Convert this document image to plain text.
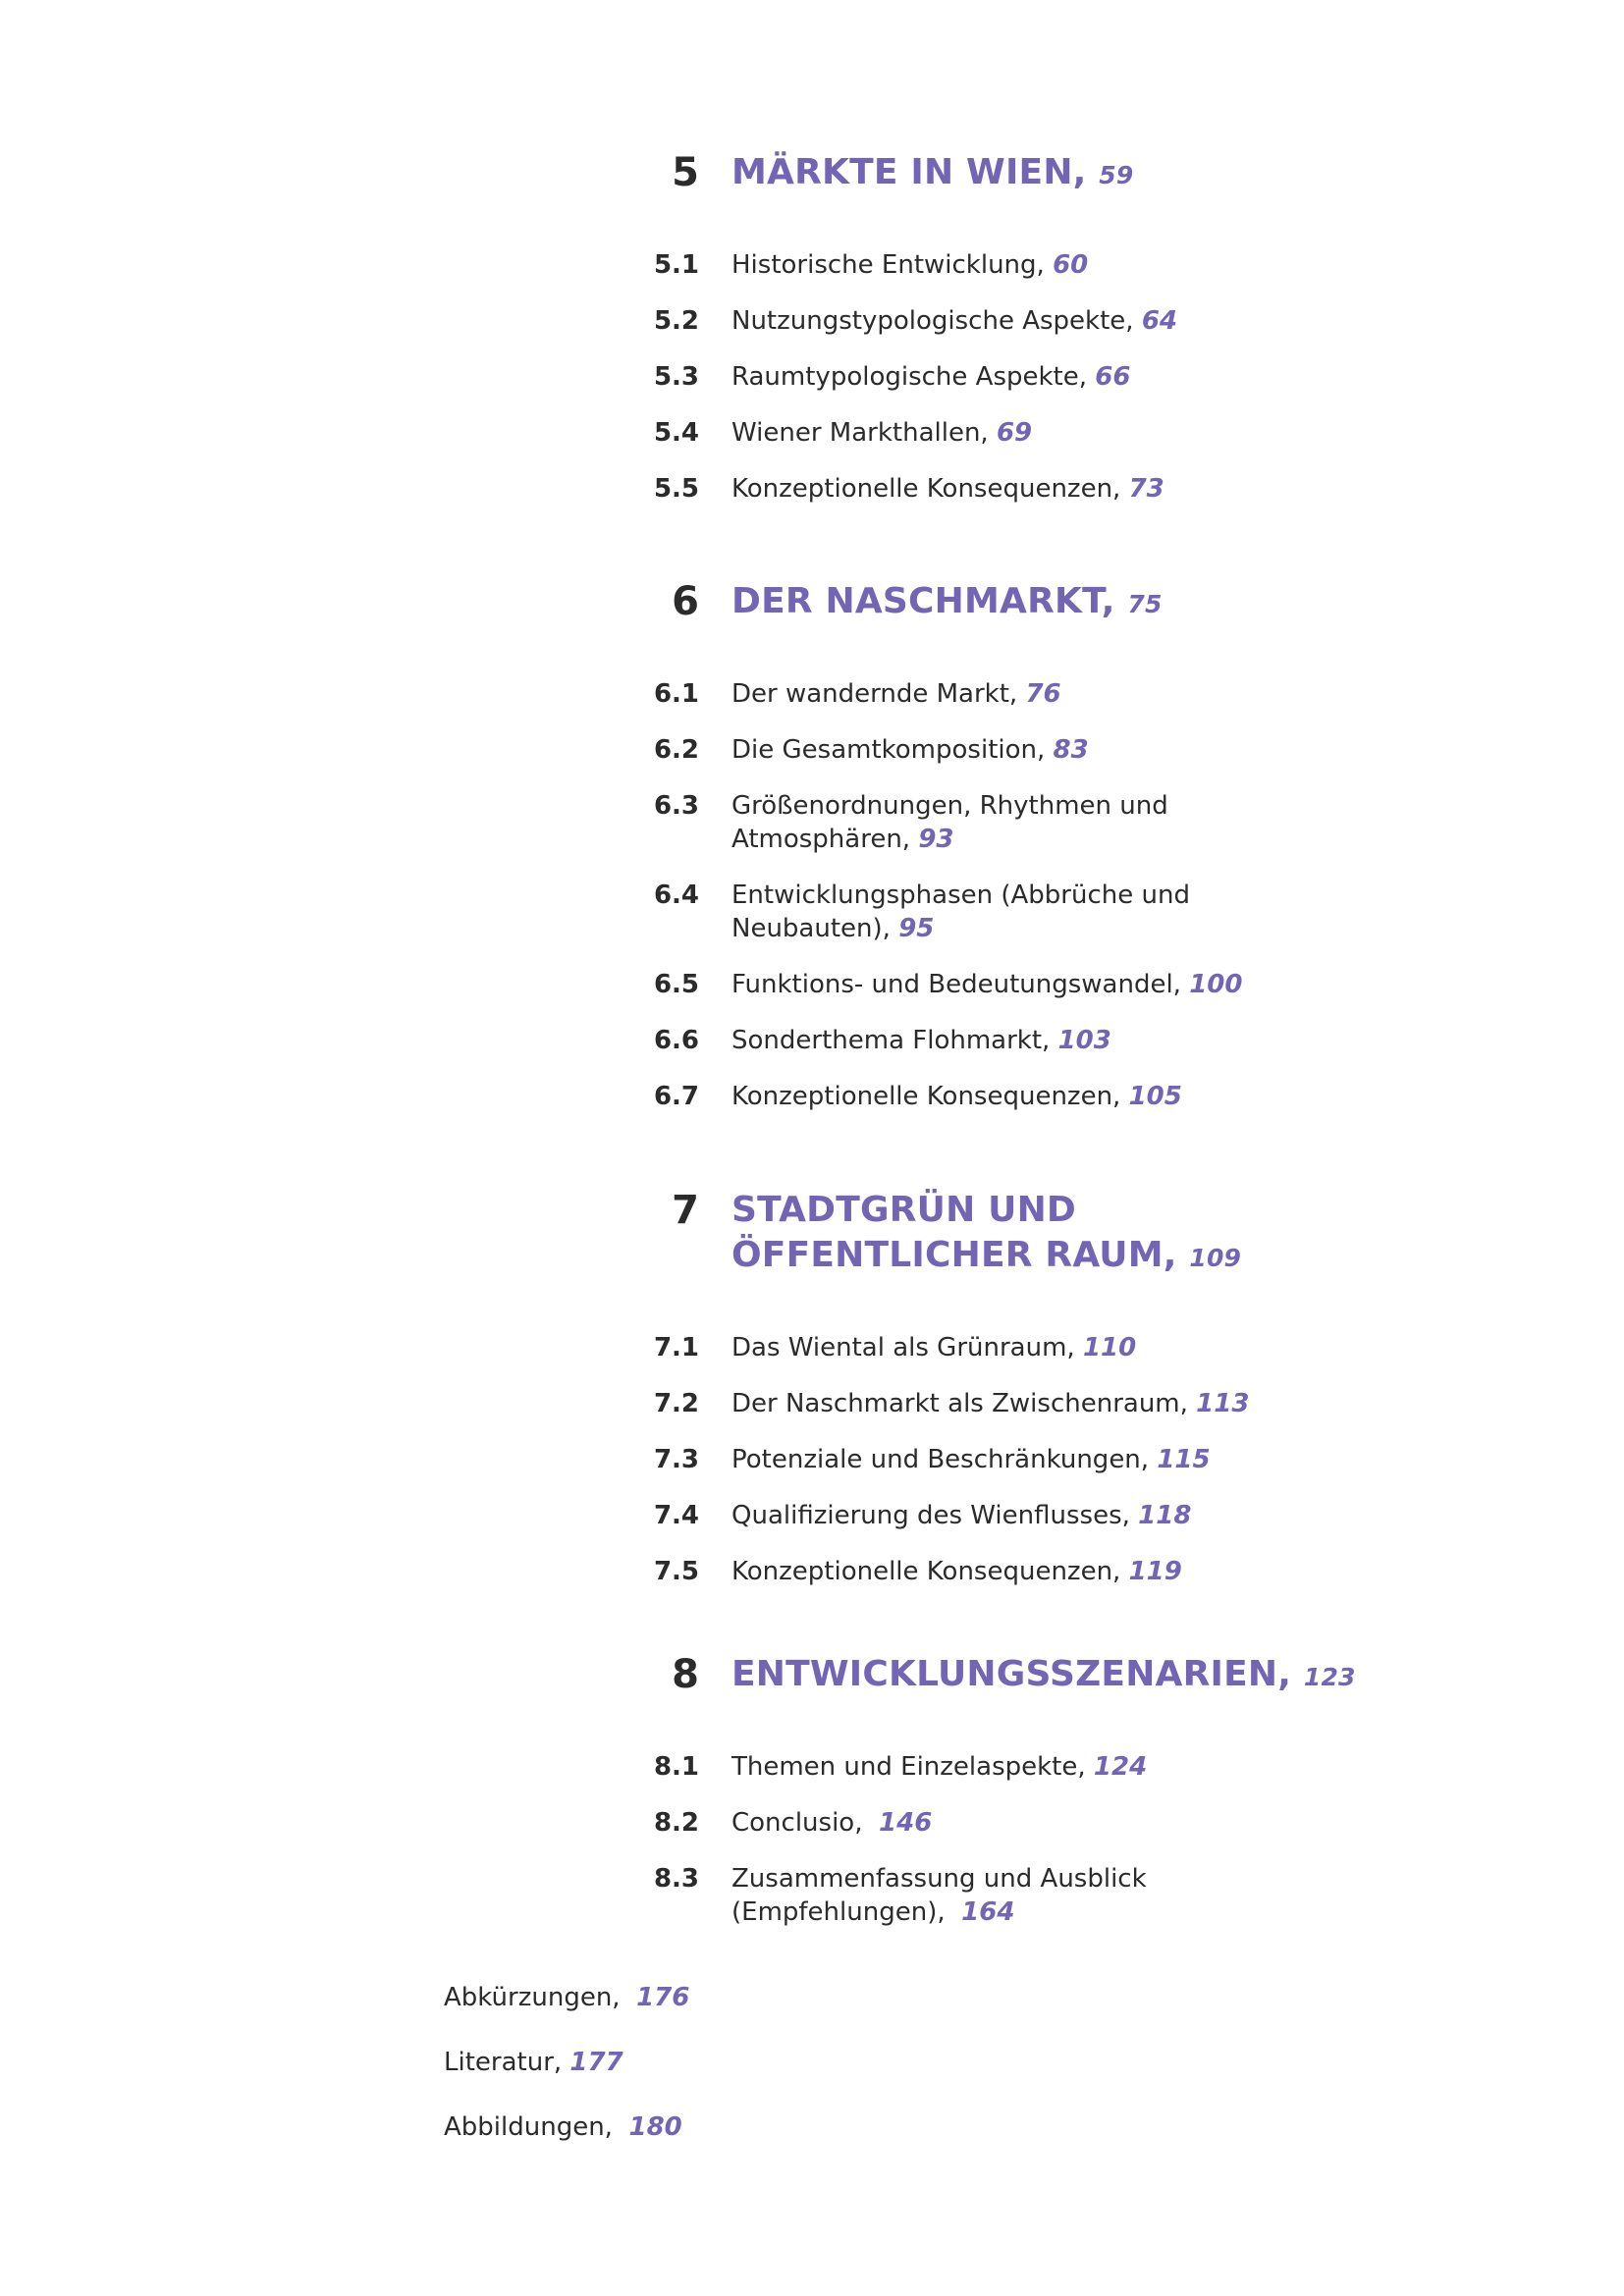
5 MÄRKTE IN WIEN, 59
5.1 Historische Entwicklung, 60
5.2 Nutzungstypologische Aspekte, 64
5.3 Raumtypologische Aspekte, 66
5.4 Wiener Markthallen, 69
5.5 Konzeptionelle Konsequenzen, 73
6 DER NASCHMARKT, 75
6.1 Der wandernde Markt, 76
6.2 Die Gesamtkomposition, 83
6.3 Größenordnungen, Rhythmen und
Atmosphären, 93
6.4 Entwicklungsphasen (Abbrüche und
Neubauten), 95
6.5 Funktions- und Bedeutungswandel, 100
6.6 Sonderthema Flohmarkt, 103
6.7 Konzeptionelle Konsequenzen, 105
7 STADTGRÜN UND
ÖFFENTLICHER RAUM, 109
7.1 Das Wiental als Grünraum, 110
7.2 Der Naschmarkt als Zwischenraum, 113
7.3 Potenziale und Beschränkungen, 115
7.4 Qualifizierung des Wienflusses, 118
7.5 Konzeptionelle Konsequenzen, 119
8 ENTWICKLUNGSSZENARIEN, 123
8.1 Themen und Einzelaspekte, 124
8.2 Conclusio, 146
8.3 Zusammenfassung und Ausblick
(Empfehlungen), 164
Abkürzungen, 176
Literatur, 177
Abbildungen, 180
